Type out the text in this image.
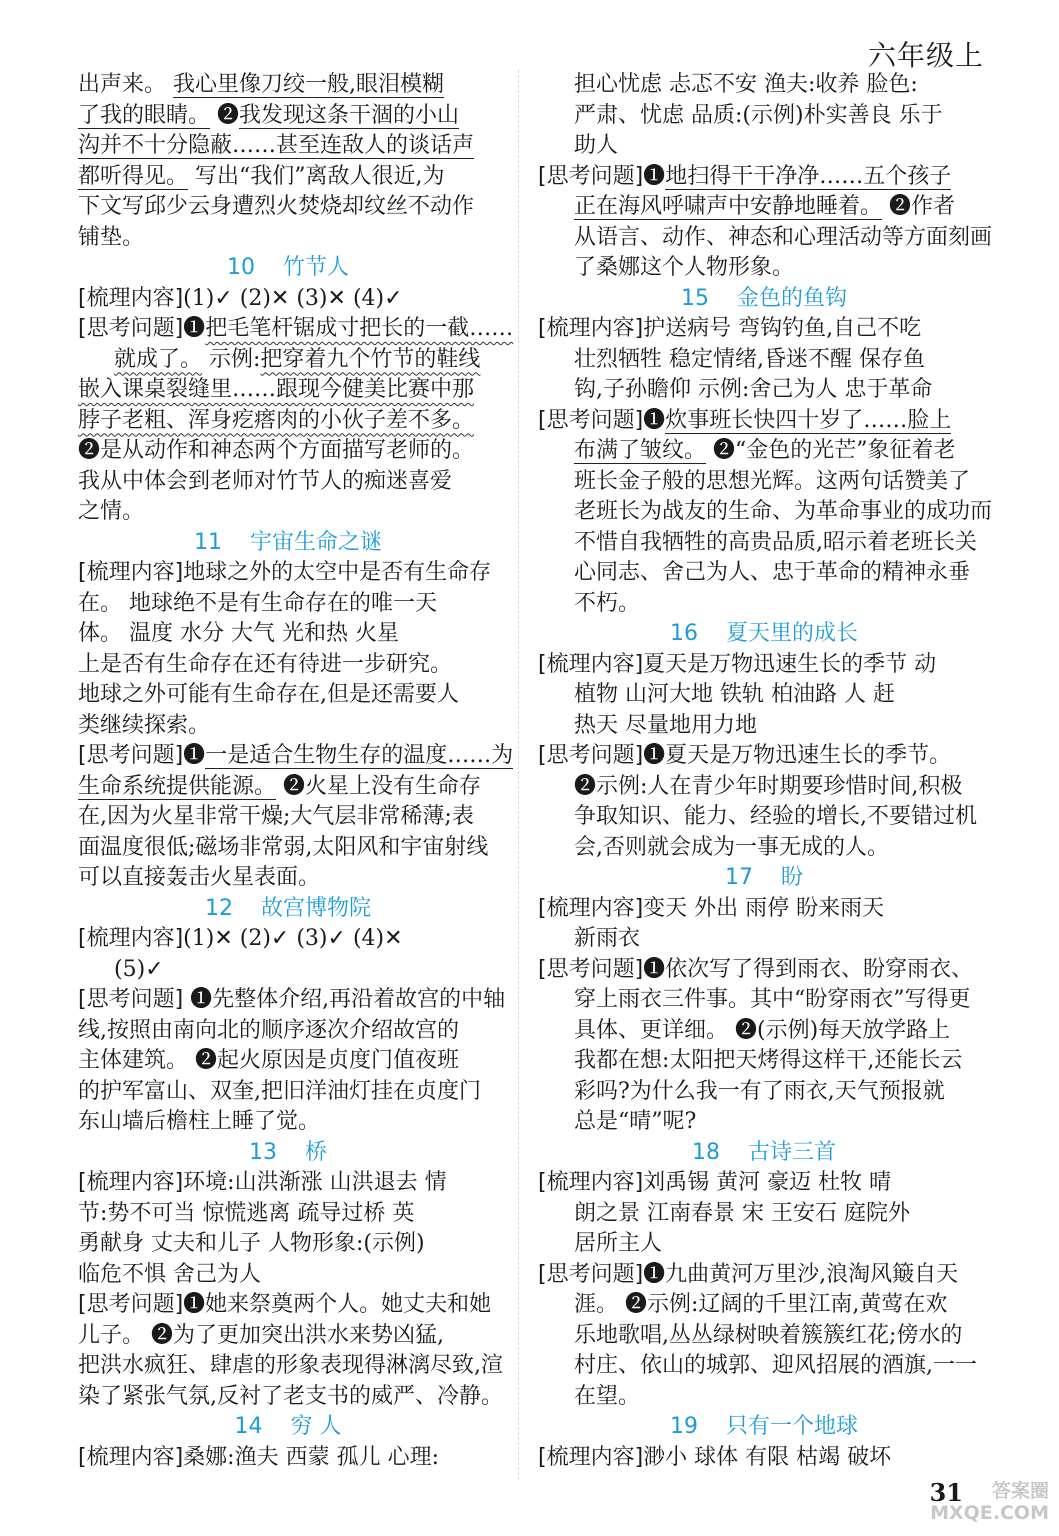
六年级上
出声来。 我心里像刀绞一般,眼泪模糊
了我的眼睛。 ❷我发现这条干涸的小山
沟并不十分隐蔽……甚至连敌人的谈话声
都听得见。 写出“我们”离敌人很近,为
下文写邱少云身遭烈火焚烧却纹丝不动作
铺垫。
10 竹节人
[梳理内容](1)✓ (2)✕ (3)✕ (4)✓
[思考问题]❶把毛笔杆锯成寸把长的一截……
就成了。 示例:把穿着九个竹节的鞋线
嵌入课桌裂缝里……跟现今健美比赛中那
脖子老粗、浑身疙瘩肉的小伙子差不多。
❷是从动作和神态两个方面描写老师的。
我从中体会到老师对竹节人的痴迷喜爱
之情。
11 宇宙生命之谜
[梳理内容]地球之外的太空中是否有生命存
在。 地球绝不是有生命存在的唯一天
体。 温度 水分 大气 光和热 火星
上是否有生命存在还有待进一步研究。
地球之外可能有生命存在,但是还需要人
类继续探索。
[思考问题]❶一是适合生物生存的温度……为
生命系统提供能源。 ❷火星上没有生命存
在,因为火星非常干燥;大气层非常稀薄;表
面温度很低;磁场非常弱,太阳风和宇宙射线
可以直接轰击火星表面。
12 故宫博物院
[梳理内容](1)✕ (2)✓ (3)✓ (4)✕
(5)✓
[思考问题] ❶先整体介绍,再沿着故宫的中轴
线,按照由南向北的顺序逐次介绍故宫的
主体建筑。 ❷起火原因是贞度门值夜班
的护军富山、双奎,把旧洋油灯挂在贞度门
东山墙后檐柱上睡了觉。
13 桥
[梳理内容]环境:山洪渐涨 山洪退去 情
节:势不可当 惊慌逃离 疏导过桥 英
勇献身 丈夫和儿子 人物形象:(示例)
临危不惧 舍己为人
[思考问题]❶她来祭奠两个人。她丈夫和她
儿子。 ❷为了更加突出洪水来势凶猛,
把洪水疯狂、肆虐的形象表现得淋漓尽致,渲
染了紧张气氛,反衬了老支书的威严、冷静。
14 穷 人
[梳理内容]桑娜:渔夫 西蒙 孤儿 心理:
担心忧虑 忐忑不安 渔夫:收养 脸色:
严肃、忧虑 品质:(示例)朴实善良 乐于
助人
[思考问题]❶地扫得干干净净……五个孩子
正在海风呼啸声中安静地睡着。 ❷作者
从语言、动作、神态和心理活动等方面刻画
了桑娜这个人物形象。
15 金色的鱼钩
[梳理内容]护送病号 弯钩钓鱼,自己不吃
壮烈牺牲 稳定情绪,昏迷不醒 保存鱼
钩,子孙瞻仰 示例:舍己为人 忠于革命
[思考问题]❶炊事班长快四十岁了……脸上
布满了皱纹。 ❷“金色的光芒”象征着老
班长金子般的思想光辉。这两句话赞美了
老班长为战友的生命、为革命事业的成功而
不惜自我牺牲的高贵品质,昭示着老班长关
心同志、舍己为人、忠于革命的精神永垂
不朽。
16 夏天里的成长
[梳理内容]夏天是万物迅速生长的季节 动
植物 山河大地 铁轨 柏油路 人 赶
热天 尽量地用力地
[思考问题]❶夏天是万物迅速生长的季节。
❷示例:人在青少年时期要珍惜时间,积极
争取知识、能力、经验的增长,不要错过机
会,否则就会成为一事无成的人。
17 盼
[梳理内容]变天 外出 雨停 盼来雨天
新雨衣
[思考问题]❶依次写了得到雨衣、盼穿雨衣、
穿上雨衣三件事。其中“盼穿雨衣”写得更
具体、更详细。 ❷(示例)每天放学路上
我都在想:太阳把天烤得这样干,还能长云
彩吗?为什么我一有了雨衣,天气预报就
总是“晴”呢?
18 古诗三首
[梳理内容]刘禹锡 黄河 豪迈 杜牧 晴
朗之景 江南春景 宋 王安石 庭院外
居所主人
[思考问题]❶九曲黄河万里沙,浪淘风簸自天
涯。 ❷示例:辽阔的千里江南,黄莺在欢
乐地歌唱,丛丛绿树映着簇簇红花;傍水的
村庄、依山的城郭、迎风招展的酒旗,一一
在望。
19 只有一个地球
[梳理内容]渺小 球体 有限 枯竭 破坏
31	答案圈
MXQE.COM
